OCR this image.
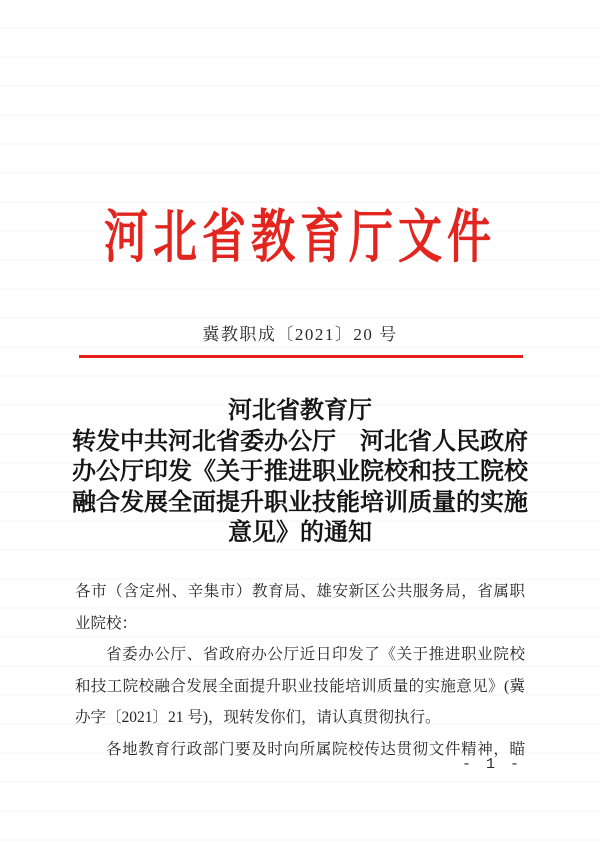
河北省教育厅文件
冀教职成〔2021〕20 号
河北省教育厅
转发中共河北省委办公厅　河北省人民政府
办公厅印发《关于推进职业院校和技工院校
融合发展全面提升职业技能培训质量的实施
意见》的通知
各市（含定州、辛集市）教育局、雄安新区公共服务局，省属职
业院校：
省委办公厅、省政府办公厅近日印发了《关于推进职业院校
和技工院校融合发展全面提升职业技能培训质量的实施意见》(冀
办字〔2021〕21 号)，现转发你们，请认真贯彻执行。
各地教育行政部门要及时向所属院校传达贯彻文件精神，瞄
- 1 -
